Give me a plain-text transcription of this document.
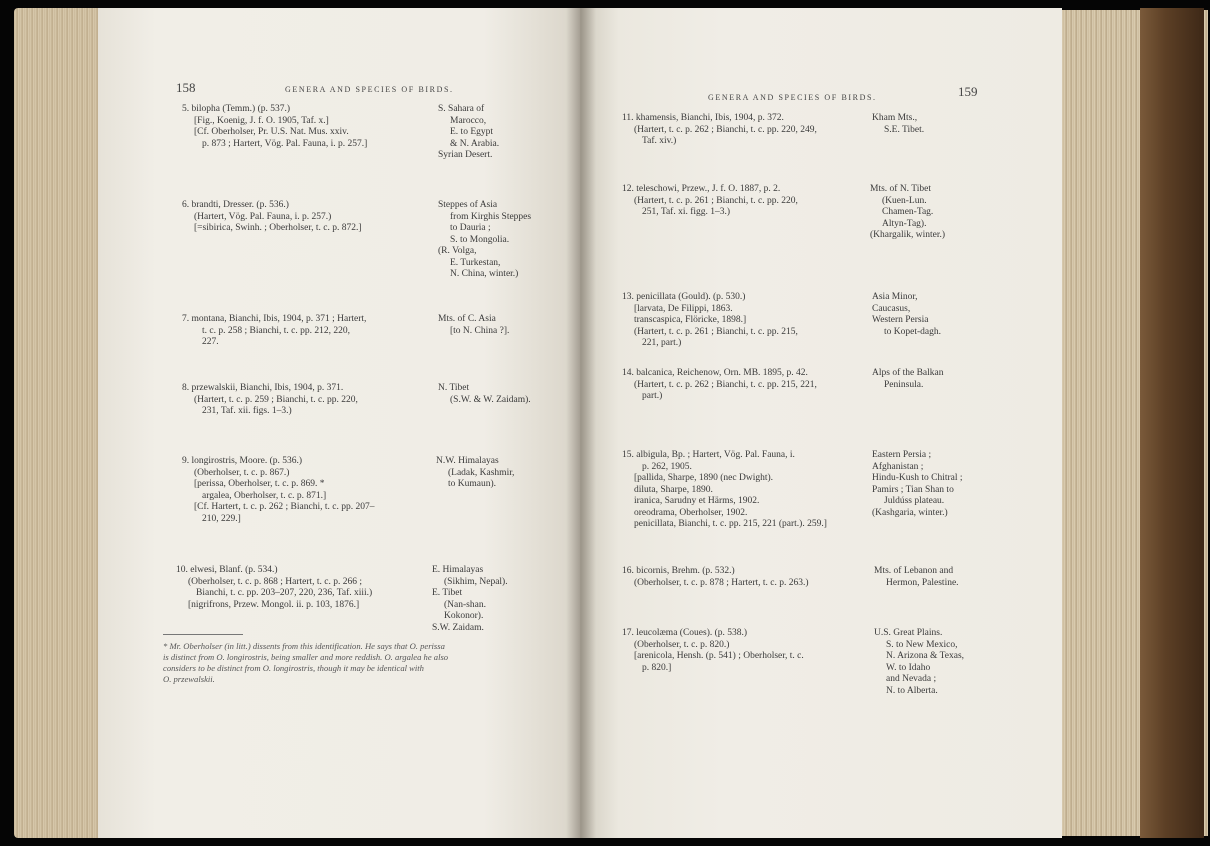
158	GENERA AND SPECIES OF BIRDS.
GENERA AND SPECIES OF BIRDS.	159
5. bilopha (Temm.) (p. 537.)
[Fig., Koenig, J. f. O. 1905, Taf. x.]
[Cf. Oberholser, Pr. U.S. Nat. Mus. xxiv.
p. 873 ; Hartert, Vög. Pal. Fauna, i. p. 257.]
S. Sahara of
Marocco,
E. to Egypt
& N. Arabia.
Syrian Desert.
6. brandti, Dresser. (p. 536.)
(Hartert, Vög. Pal. Fauna, i. p. 257.)
[=sibirica, Swinh. ; Oberholser, t. c. p. 872.]
Steppes of Asia
from Kirghis Steppes
to Dauria ;
S. to Mongolia.
(R. Volga,
E. Turkestan,
N. China, winter.)
7. montana, Bianchi, Ibis, 1904, p. 371 ; Hartert,
t. c. p. 258 ; Bianchi, t. c. pp. 212, 220,
227.
Mts. of C. Asia
[to N. China ?].
8. przewalskii, Bianchi, Ibis, 1904, p. 371.
(Hartert, t. c. p. 259 ; Bianchi, t. c. pp. 220,
231, Taf. xii. figs. 1–3.)
N. Tibet
(S.W. & W. Zaidam).
9. longirostris, Moore. (p. 536.)
(Oberholser, t. c. p. 867.)
[perissa, Oberholser, t. c. p. 869. *
argalea, Oberholser, t. c. p. 871.]
[Cf. Hartert, t. c. p. 262 ; Bianchi, t. c. pp. 207–
210, 229.]
N.W. Himalayas
(Ladak, Kashmir,
to Kumaun).
10. elwesi, Blanf. (p. 534.)
(Oberholser, t. c. p. 868 ; Hartert, t. c. p. 266 ;
Bianchi, t. c. pp. 203–207, 220, 236, Taf. xiii.)
[nigrifrons, Przew. Mongol. ii. p. 103, 1876.]
E. Himalayas
(Sikhim, Nepal).
E. Tibet
(Nan-shan.
Kokonor).
S.W. Zaidam.
* Mr. Oberholser (in litt.) dissents from this identification. He says that O. perissa
is distinct from O. longirostris, being smaller and more reddish. O. argalea he also
considers to be distinct from O. longirostris, though it may be identical with
O. przewalskii.
11. khamensis, Bianchi, Ibis, 1904, p. 372.
(Hartert, t. c. p. 262 ; Bianchi, t. c. pp. 220, 249,
Taf. xiv.)
Kham Mts.,
S.E. Tibet.
12. teleschowi, Przew., J. f. O. 1887, p. 2.
(Hartert, t. c. p. 261 ; Bianchi, t. c. pp. 220,
251, Taf. xi. figg. 1–3.)
Mts. of N. Tibet
(Kuen-Lun.
Chamen-Tag.
Altyn-Tag).
(Khargalik, winter.)
13. penicillata (Gould). (p. 530.)
[larvata, De Filippi, 1863.
transcaspica, Flöricke, 1898.]
(Hartert, t. c. p. 261 ; Bianchi, t. c. pp. 215,
221, part.)
Asia Minor,
Caucasus,
Western Persia
to Kopet-dagh.
14. balcanica, Reichenow, Orn. MB. 1895, p. 42.
(Hartert, t. c. p. 262 ; Bianchi, t. c. pp. 215, 221,
part.)
Alps of the Balkan
Peninsula.
15. albigula, Bp. ; Hartert, Vög. Pal. Fauna, i.
p. 262, 1905.
[pallida, Sharpe, 1890 (nec Dwight).
diluta, Sharpe, 1890.
iranica, Sarudny et Härms, 1902.
oreodrama, Oberholser, 1902.
penicillata, Bianchi, t. c. pp. 215, 221 (part.). 259.]
Eastern Persia ;
Afghanistan ;
Hindu-Kush to Chitral ;
Pamirs ; Tian Shan to
Juldúss plateau.
(Kashgaria, winter.)
16. bicornis, Brehm. (p. 532.)
(Oberholser, t. c. p. 878 ; Hartert, t. c. p. 263.)
Mts. of Lebanon and
Hermon, Palestine.
17. leucolæma (Coues). (p. 538.)
(Oberholser, t. c. p. 820.)
[arenicola, Hensh. (p. 541) ; Oberholser, t. c.
p. 820.]
U.S. Great Plains.
S. to New Mexico,
N. Arizona & Texas,
W. to Idaho
and Nevada ;
N. to Alberta.
